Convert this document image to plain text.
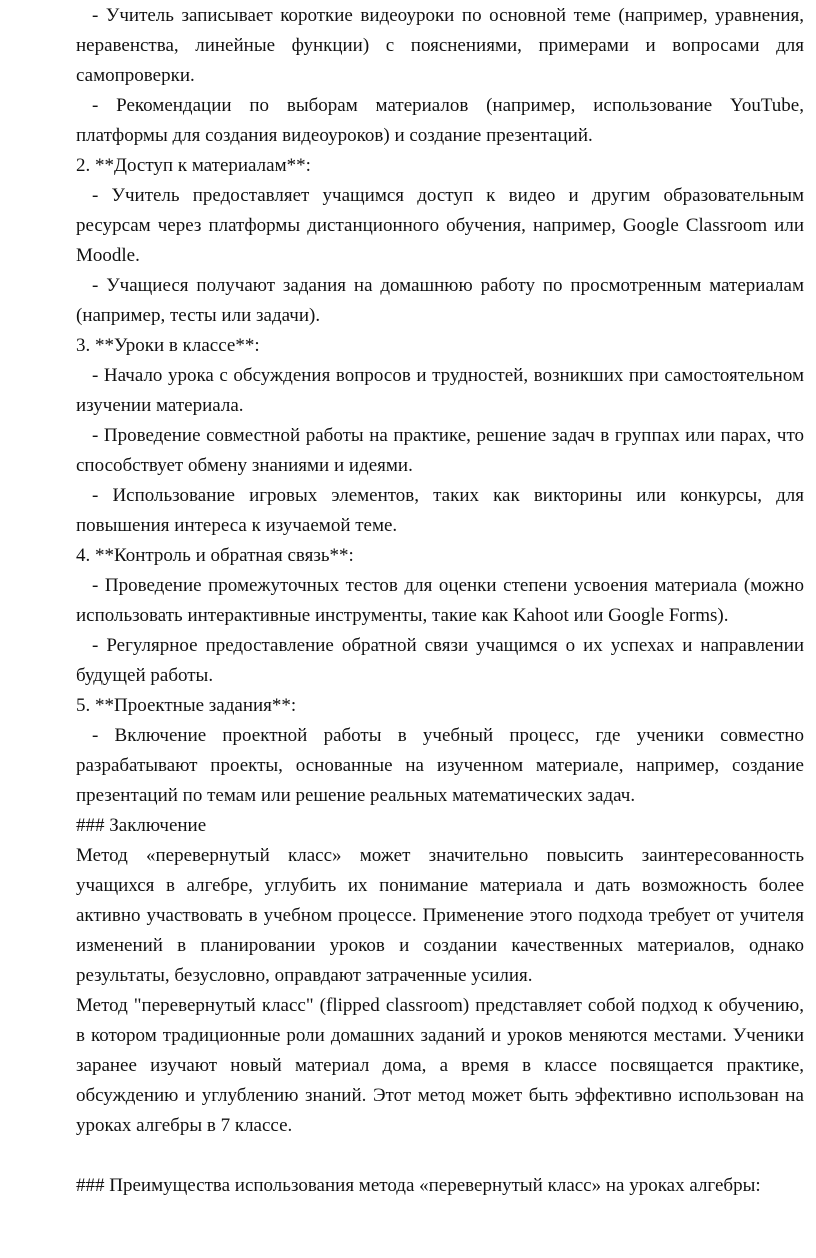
- Учитель записывает короткие видеоуроки по основной теме (например, уравнения, неравенства, линейные функции) с пояснениями, примерами и вопросами для самопроверки.

- Рекомендации по выборам материалов (например, использование YouTube, платформы для создания видеоуроков) и создание презентаций.

2. **Доступ к материалам**:

- Учитель предоставляет учащимся доступ к видео и другим образовательным ресурсам через платформы дистанционного обучения, например, Google Classroom или Moodle.

- Учащиеся получают задания на домашнюю работу по просмотренным материалам (например, тесты или задачи).

3. **Уроки в классе**:

- Начало урока с обсуждения вопросов и трудностей, возникших при самостоятельном изучении материала.

- Проведение совместной работы на практике, решение задач в группах или парах, что способствует обмену знаниями и идеями.

- Использование игровых элементов, таких как викторины или конкурсы, для повышения интереса к изучаемой теме.

4. **Контроль и обратная связь**:

- Проведение промежуточных тестов для оценки степени усвоения материала (можно использовать интерактивные инструменты, такие как Kahoot или Google Forms).

- Регулярное предоставление обратной связи учащимся о их успехах и направлении будущей работы.

5. **Проектные задания**:

- Включение проектной работы в учебный процесс, где ученики совместно разрабатывают проекты, основанные на изученном материале, например, создание презентаций по темам или решение реальных математических задач.

### Заключение

Метод «перевернутый класс» может значительно повысить заинтересованность учащихся в алгебре, углубить их понимание материала и дать возможность более активно участвовать в учебном процессе. Применение этого подхода требует от учителя изменений в планировании уроков и создании качественных материалов, однако результаты, безусловно, оправдают затраченные усилия.

Метод "перевернутый класс" (flipped classroom) представляет собой подход к обучению, в котором традиционные роли домашних заданий и уроков меняются местами. Ученики заранее изучают новый материал дома, а время в классе посвящается практике, обсуждению и углублению знаний. Этот метод может быть эффективно использован на уроках алгебры в 7 классе.

### Преимущества использования метода «перевернутый класс» на уроках алгебры:
